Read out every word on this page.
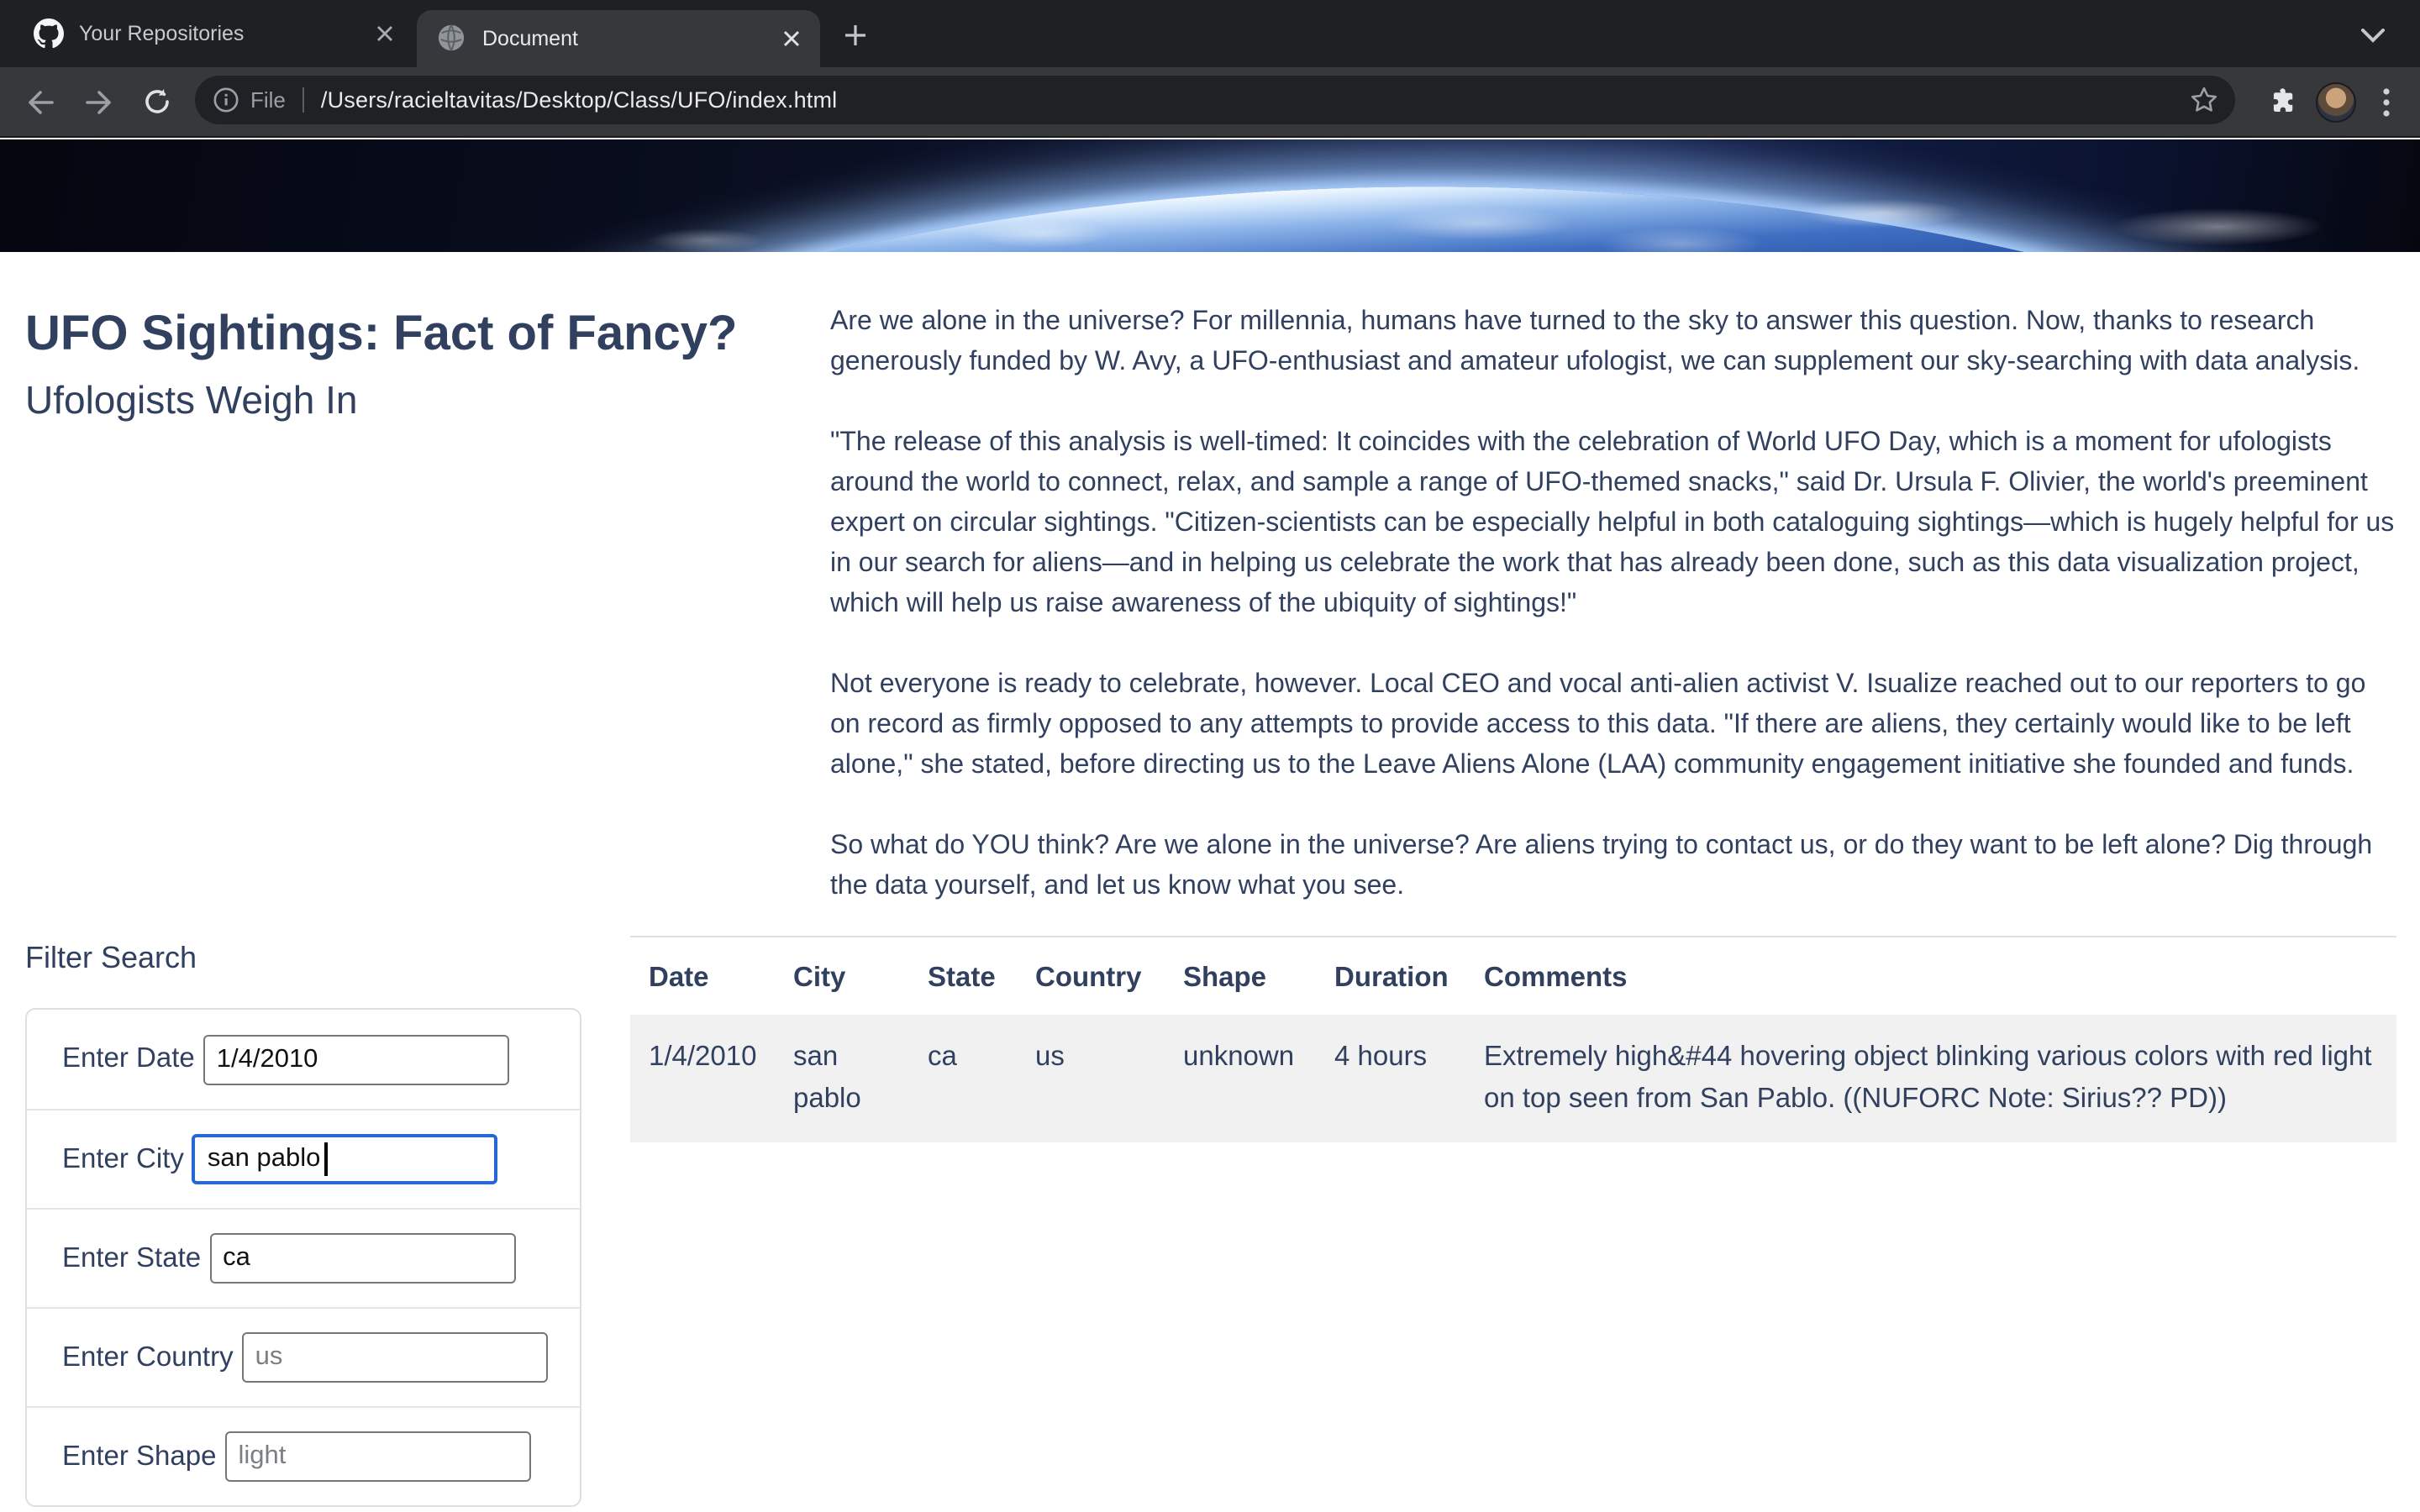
Your Repositories	Document
File	/Users/racieltavitas/Desktop/Class/UFO/index.html
UFO Sightings: Fact of Fancy?
Ufologists Weigh In

Are we alone in the universe? For millennia, humans have turned to the sky to answer this question. Now, thanks to research generously funded by W. Avy, a UFO-enthusiast and amateur ufologist, we can supplement our sky-searching with data analysis.

"The release of this analysis is well-timed: It coincides with the celebration of World UFO Day, which is a moment for ufologists around the world to connect, relax, and sample a range of UFO-themed snacks," said Dr. Ursula F. Olivier, the world's preeminent expert on circular sightings. "Citizen-scientists can be especially helpful in both cataloguing sightings—which is hugely helpful for us in our search for aliens—and in helping us celebrate the work that has already been done, such as this data visualization project, which will help us raise awareness of the ubiquity of sightings!"

Not everyone is ready to celebrate, however. Local CEO and vocal anti-alien activist V. Isualize reached out to our reporters to go on record as firmly opposed to any attempts to provide access to this data. "If there are aliens, they certainly would like to be left alone," she stated, before directing us to the Leave Aliens Alone (LAA) community engagement initiative she founded and funds.

So what do YOU think? Are we alone in the universe? Are aliens trying to contact us, or do they want to be left alone? Dig through the data yourself, and let us know what you see.

Filter Search
Enter Date
1/4/2010
Enter City
san pablo
Enter State
ca
Enter Country
us
Enter Shape
light
Date	City	State	Country	Shape	Duration	Comments
1/4/2010	san pablo	ca	us	unknown	4 hours	Extremely high&#44 hovering object blinking various colors with red light on top seen from San Pablo. ((NUFORC Note: Sirius?? PD))
